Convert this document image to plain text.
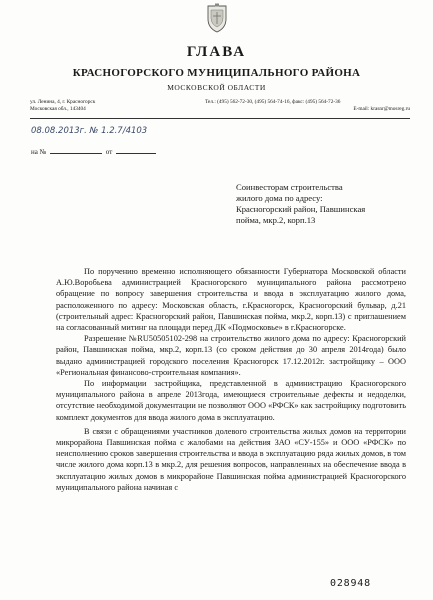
ГЛАВА
КРАСНОГОРСКОГО МУНИЦИПАЛЬНОГО РАЙОНА
МОСКОВСКОЙ ОБЛАСТИ
ул. Ленина, 4, г. Красногорск
Московская обл., 143404
Тел.: (495) 562-72-30, (495) 564-74-16, факс: (495) 564-72-36
E-mail: krasnr@mosreg.ru
08.08.2013г. № 1.2.7/4103
на №	от
Соинвесторам строительства
жилого дома по адресу:
Красногорский район, Павшинская
пойма, мкр.2, корп.13

По поручению временно исполняющего обязанности Губернатора Московской области А.Ю.Воробьева администрацией Красногорского муниципального района рассмотрено обращение по вопросу завершения строительства и ввода в эксплуатацию жилого дома, расположенного по адресу: Московская область, г.Красногорск, Красногорский бульвар, д.21 (строительный адрес: Красногорский район, Павшинская пойма, мкр.2, корп.13) с приглашением на согласованный митинг на площади перед ДК «Подмосковье» в г.Красногорске.

Разрешение №RU50505102-298 на строительство жилого дома по адресу: Красногорский район, Павшинская пойма, мкр.2, корп.13 (со сроком действия до 30 апреля 2014года) было выдано администрацией городского поселения Красногорск 17.12.2012г. застройщику – ООО «Региональная финансово-строительная компания».

По информации застройщика, представленной в администрацию Красногорского муниципального района в апреле 2013года, имеющиеся строительные дефекты и недоделки, отсутствие необходимой документации не позволяют ООО «РФСК» как застройщику подготовить комплект документов для ввода жилого дома в эксплуатацию.

В связи с обращениями участников долевого строительства жилых домов на территории микрорайона Павшинская пойма с жалобами на действия ЗАО «СУ-155» и ООО «РФСК» по неисполнению сроков завершения строительства и ввода в эксплуатацию ряда жилых домов, в том числе жилого дома корп.13 в мкр.2, для решения вопросов, направленных на обеспечение ввода в эксплуатацию жилых домов в микрорайоне Павшинская пойма администрацией Красногорского муниципального района начиная с

028948
